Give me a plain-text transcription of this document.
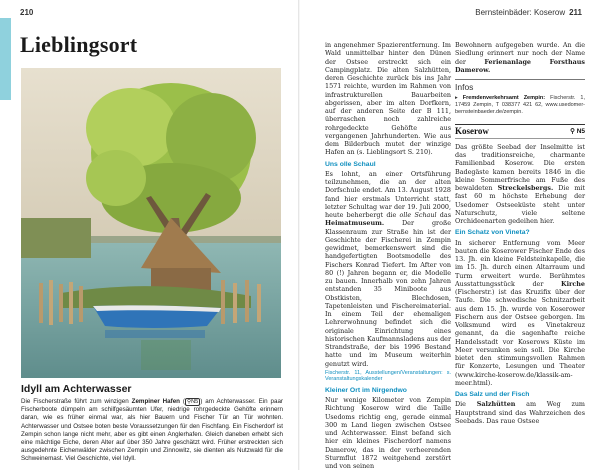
210
Lieblingsort
Idyll am Achterwasser
Die Fischerstraße führt zum winzigen Zempiner Hafen ( ⚲N5 ) am Achterwasser. Ein paar Fischerboote dümpeln am schilfgesäumten Ufer, niedrige rohrgedeckte Gehöfte erinnern daran, wie es früher einmal war, als hier Bauern und Fischer Tür an Tür wohnten. Achterwasser und Ostsee boten beste Voraussetzungen für den Fischfang. Ein Fischerdorf ist Zempin schon lange nicht mehr, aber es gibt einen Anglerhafen. Gleich daneben erhebt sich eine mächtige Eiche, deren Alter auf über 350 Jahre geschätzt wird. Früher erstreckten sich ausgedehnte Eichenwälder zwischen Zempin und Zinnowitz, sie dienten als Nutzwald für die Schweinemast. Viel Geschichte, viel Idyll.
Bernsteinbäder: Koserow 211

in angenehmer Spazierentfernung. Im Wald unmittelbar hinter den Dünen der Ostsee erstreckt sich ein Campingplatz. Die alten Salzhütten, deren Geschichte zurück bis ins Jahr 1571 reichte, wurden im Rahmen von infrastrukturellen Bauarbeiten abgerissen, aber im alten Dorfkern, auf der anderen Seite der B 111, überraschen noch zahlreiche rohrgedeckte Gehöfte aus vergangenen Jahrhunderten. Wie aus dem Bilderbuch mutet der winzige Hafen an (s. Lieblingsort S. 210).

Uns olle Schaul

Es lohnt, an einer Ortsführung teilzunehmen, die an der alten Dorfschule endet. Am 13. August 1928 fand hier erstmals Unterricht statt, letzter Schultag war der 19. Juli 2000, heute beherbergt die olle Schaul das Heimatmuseum. Der große Klassenraum zur Straße hin ist der Geschichte der Fischerei in Zempin gewidmet, bemerkenswert sind die handgefertigten Bootsmodelle des Fischers Konrad Tiefert. Im After von 80 (!) Jahren begann er, die Modelle zu bauen. Innerhalb von zehn Jahren entstanden 35 Miniboote aus Obstkisten, Blechdosen, Tapetenleisten und Fischereimaterial. In einem Teil der ehemaligen Lehrerwohnung befindet sich die originale Einrichtung eines historischen Kaufmannsladens aus der Strandstraße, der bis 1996 Bestand hatte und im Museum weiterhin genutzt wird.

Fischerstr. 11, Ausstellungen/Veranstaltungen: s. Veranstaltungskalender
Kleiner Ort im Nirgendwo

Nur wenige Kilometer von Zempin Richtung Koserow wird die Taille Usedoms richtig eng, gerade einmal 300 m Land liegen zwischen Ostsee und Achterwasser. Einst befand sich hier ein kleines Fischerdorf namens Damerow, das in der verheerenden Sturmflut 1872 weitgehend zerstört und von seinen

Bewohnern aufgegeben wurde. An die Siedlung erinnert nur noch der Name der Ferienanlage Forsthaus Damerow.

Infos
▸ Fremdenverkehrsamt Zempin: Fischerstr. 1, 17459 Zempin, T 038377 421 62, www.usedomer-bernsteinbaeder.de/zempin.
Koserow	⚲ N5

Das größte Seebad der Inselmitte ist das traditionsreiche, charmante Familienbad Koserow. Die ersten Badegäste kamen bereits 1846 in die kleine Sommerfrische am Fuße des bewaldeten Streckelsbergs. Die mit fast 60 m höchste Erhebung der Usedomer Ostseeküste steht unter Naturschutz, viele seltene Orchideenarten gedeihen hier.

Ein Schatz von Vineta?

In sicherer Entfernung vom Meer bauten die Koserower Fischer Ende des 13. Jh. ein kleine Feldsteinkapelle, die im 15. Jh. durch einen Altarraum und Turm erweitert wurde. Berühmtes Ausstattungsstück der Kirche (Fischerstr.) ist das Kruzifix über der Taufe. Die schwedische Schnitzarbeit aus dem 15. Jh. wurde von Koserower Fischern aus der Ostsee geborgen. Im Volksmund wird es Vinetakreuz genannt, da die sagenhafte reiche Handelsstadt vor Koserows Küste im Meer versunken sein soll. Die Kirche bietet den stimmungsvollen Rahmen für Konzerte, Lesungen und Theater (www.kirche-koserow.de/klassik-am-meer.html).

Das Salz und der Fisch

Die Salzhütten am Weg zum Hauptstrand sind das Wahrzeichen des Seebads. Das raue Ostsee
